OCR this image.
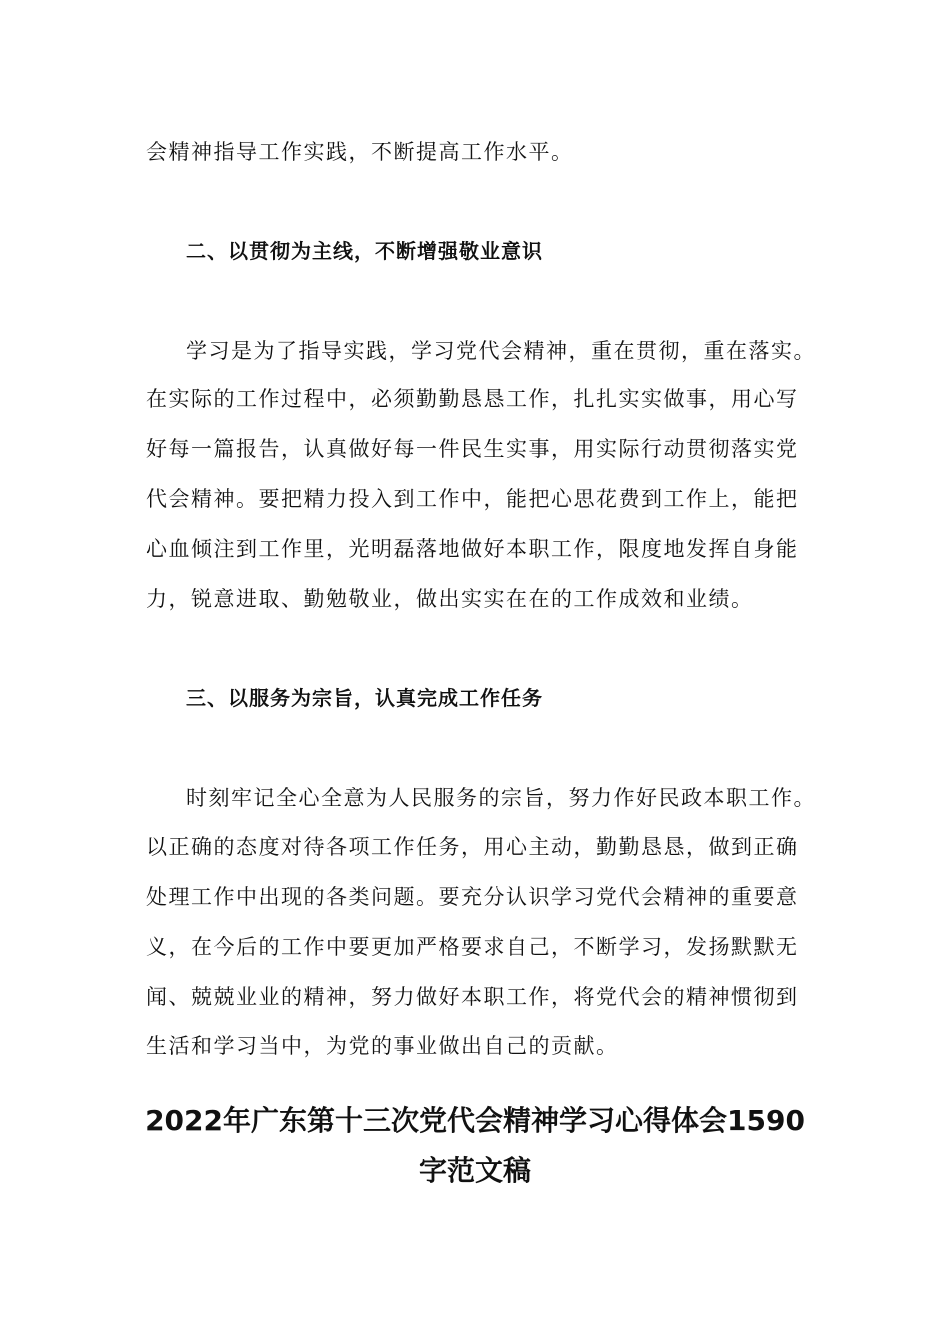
会精神指导工作实践，不断提高工作水平。
二、以贯彻为主线，不断增强敬业意识
学习是为了指导实践，学习党代会精神，重在贯彻，重在落实。
在实际的工作过程中，必须勤勤恳恳工作，扎扎实实做事，用心写
好每一篇报告，认真做好每一件民生实事，用实际行动贯彻落实党
代会精神。要把精力投入到工作中，能把心思花费到工作上，能把
心血倾注到工作里，光明磊落地做好本职工作，限度地发挥自身能
力，锐意进取、勤勉敬业，做出实实在在的工作成效和业绩。
三、以服务为宗旨，认真完成工作任务
时刻牢记全心全意为人民服务的宗旨，努力作好民政本职工作。
以正确的态度对待各项工作任务，用心主动，勤勤恳恳，做到正确
处理工作中出现的各类问题。要充分认识学习党代会精神的重要意
义，在今后的工作中要更加严格要求自己，不断学习，发扬默默无
闻、兢兢业业的精神，努力做好本职工作，将党代会的精神惯彻到
生活和学习当中，为党的事业做出自己的贡献。
2022年广东第十三次党代会精神学习心得体会1590
字范文稿
